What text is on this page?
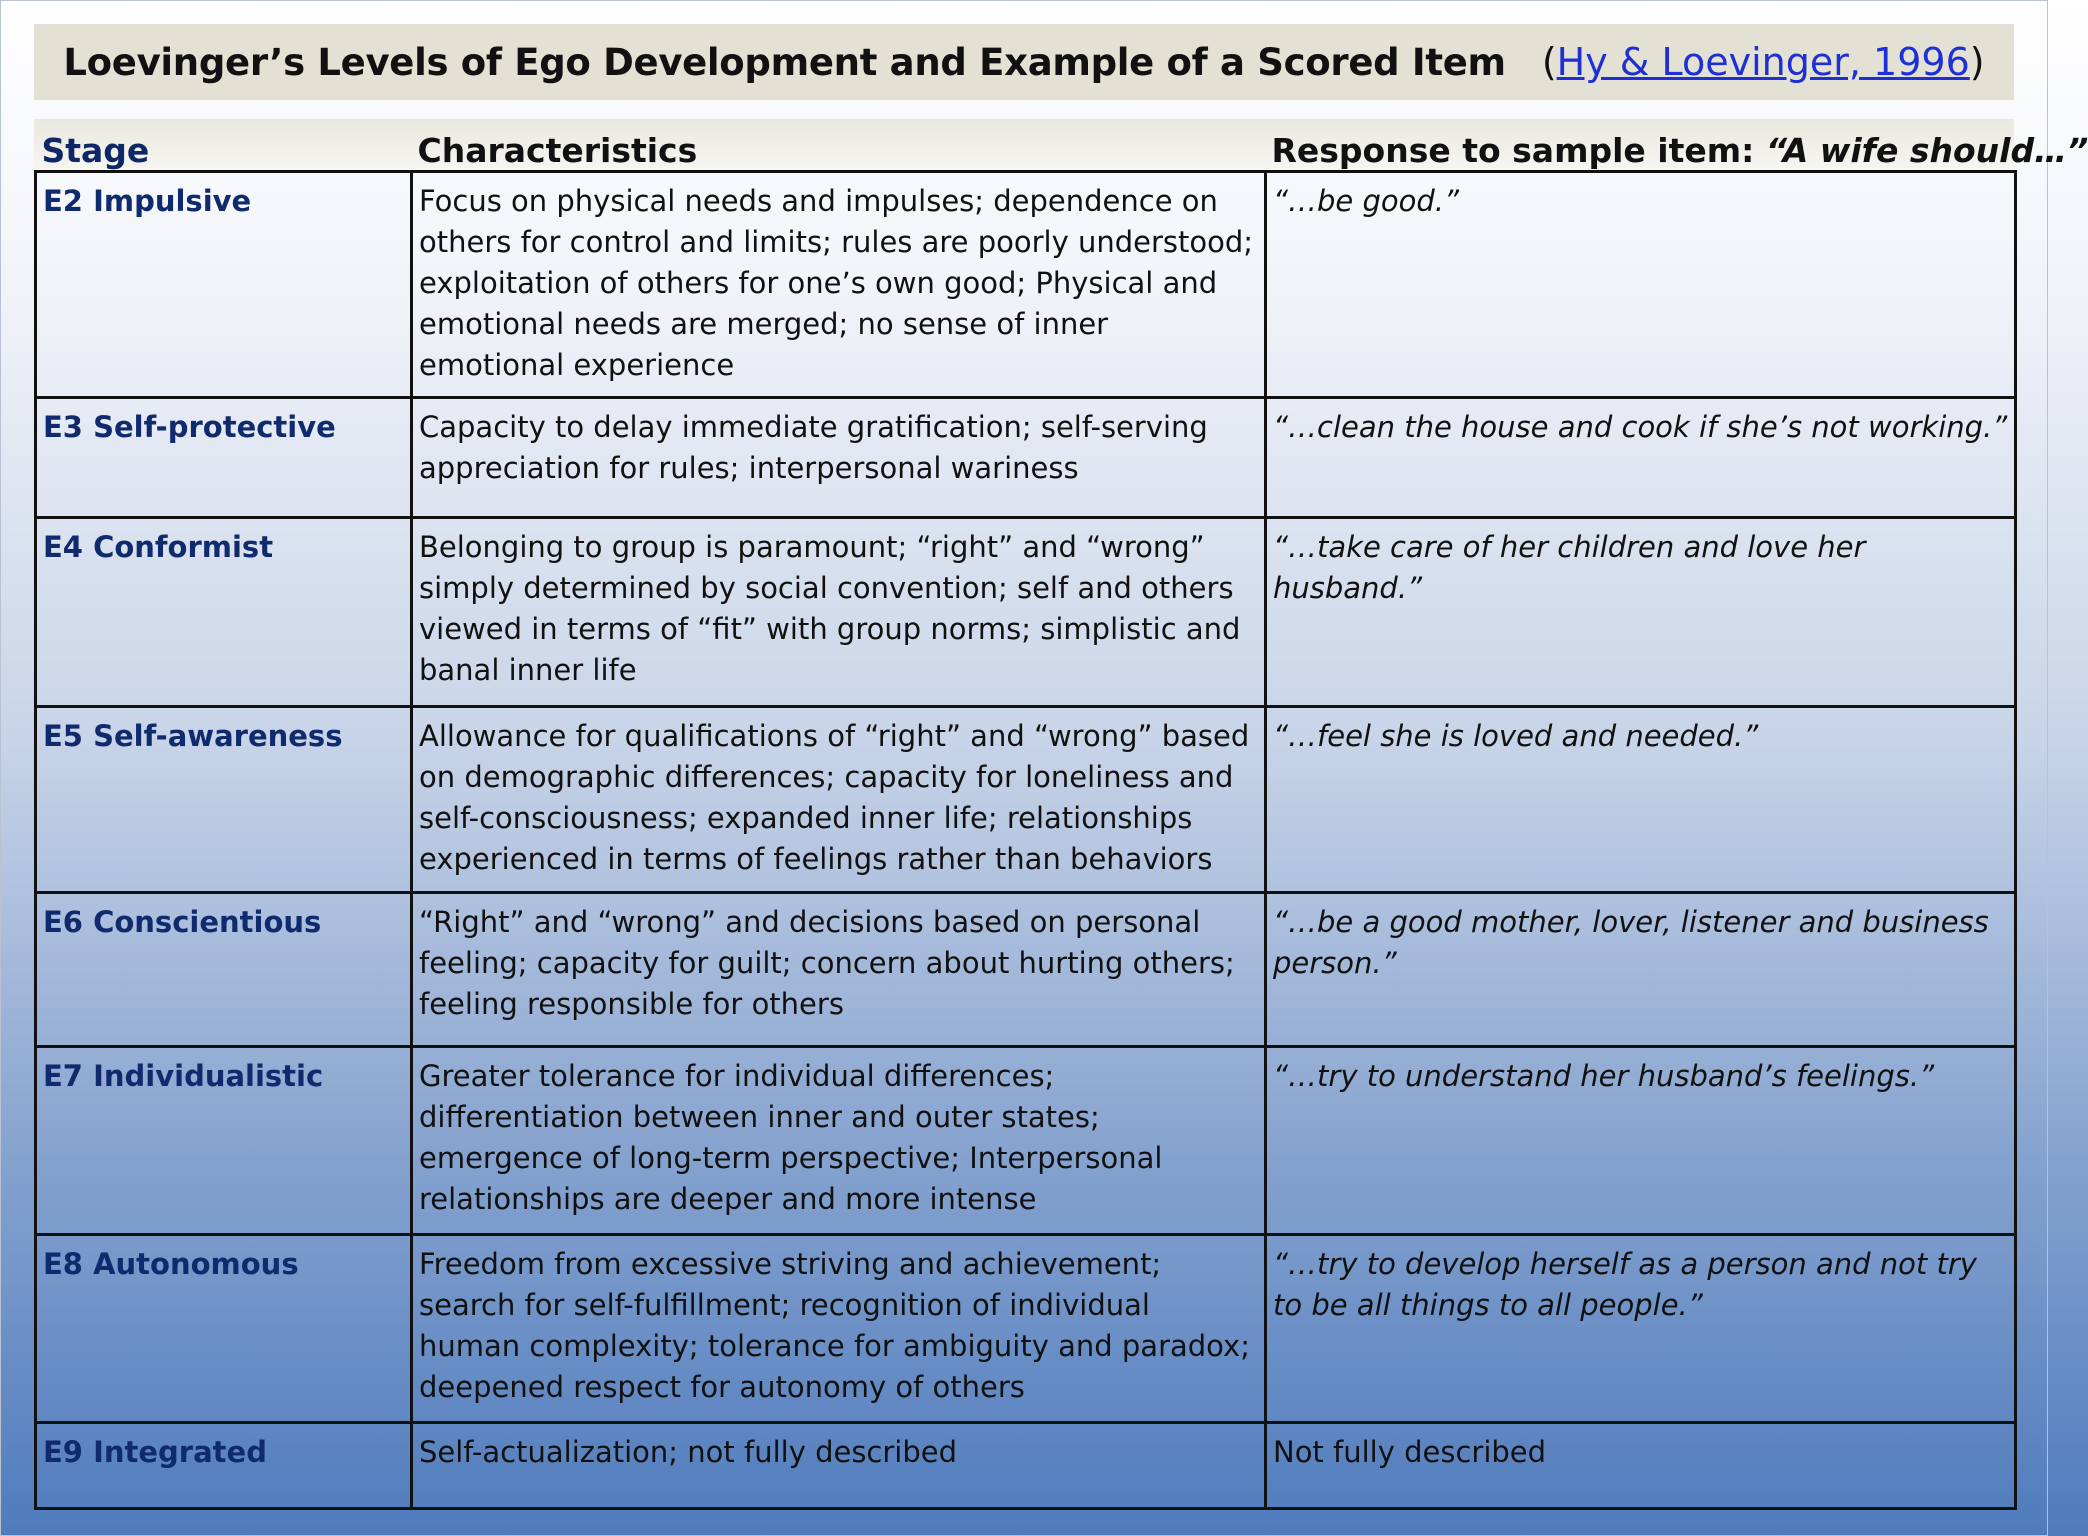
Loevinger’s Levels of Ego Development and Example of a Scored Item (Hy & Loevinger, 1996)
Stage	Characteristics	Response to sample item: “A wife should…”
E2 Impulsive	Focus on physical needs and impulses; dependence on others for control and limits; rules are poorly understood; exploitation of others for one’s own good; Physical and emotional needs are merged; no sense of inner emotional experience	“…be good.”
E3 Self-protective	Capacity to delay immediate gratification; self-serving appreciation for rules; interpersonal wariness	“…clean the house and cook if she’s not working.”
E4 Conformist	Belonging to group is paramount; “right” and “wrong” simply determined by social convention; self and others viewed in terms of “fit” with group norms; simplistic and banal inner life	“…take care of her children and love her husband.”
E5 Self-awareness	Allowance for qualifications of “right” and “wrong” based on demographic differences; capacity for loneliness and self-consciousness; expanded inner life; relationships experienced in terms of feelings rather than behaviors	“…feel she is loved and needed.”
E6 Conscientious	“Right” and “wrong” and decisions based on personal feeling; capacity for guilt; concern about hurting others; feeling responsible for others	“…be a good mother, lover, listener and business person.”
E7 Individualistic	Greater tolerance for individual differences; differentiation between inner and outer states; emergence of long-term perspective; Interpersonal relationships are deeper and more intense	“…try to understand her husband’s feelings.”
E8 Autonomous	Freedom from excessive striving and achievement; search for self-fulfillment; recognition of individual human complexity; tolerance for ambiguity and paradox; deepened respect for autonomy of others	“…try to develop herself as a person and not try to be all things to all people.”
E9 Integrated	Self-actualization; not fully described	Not fully described
